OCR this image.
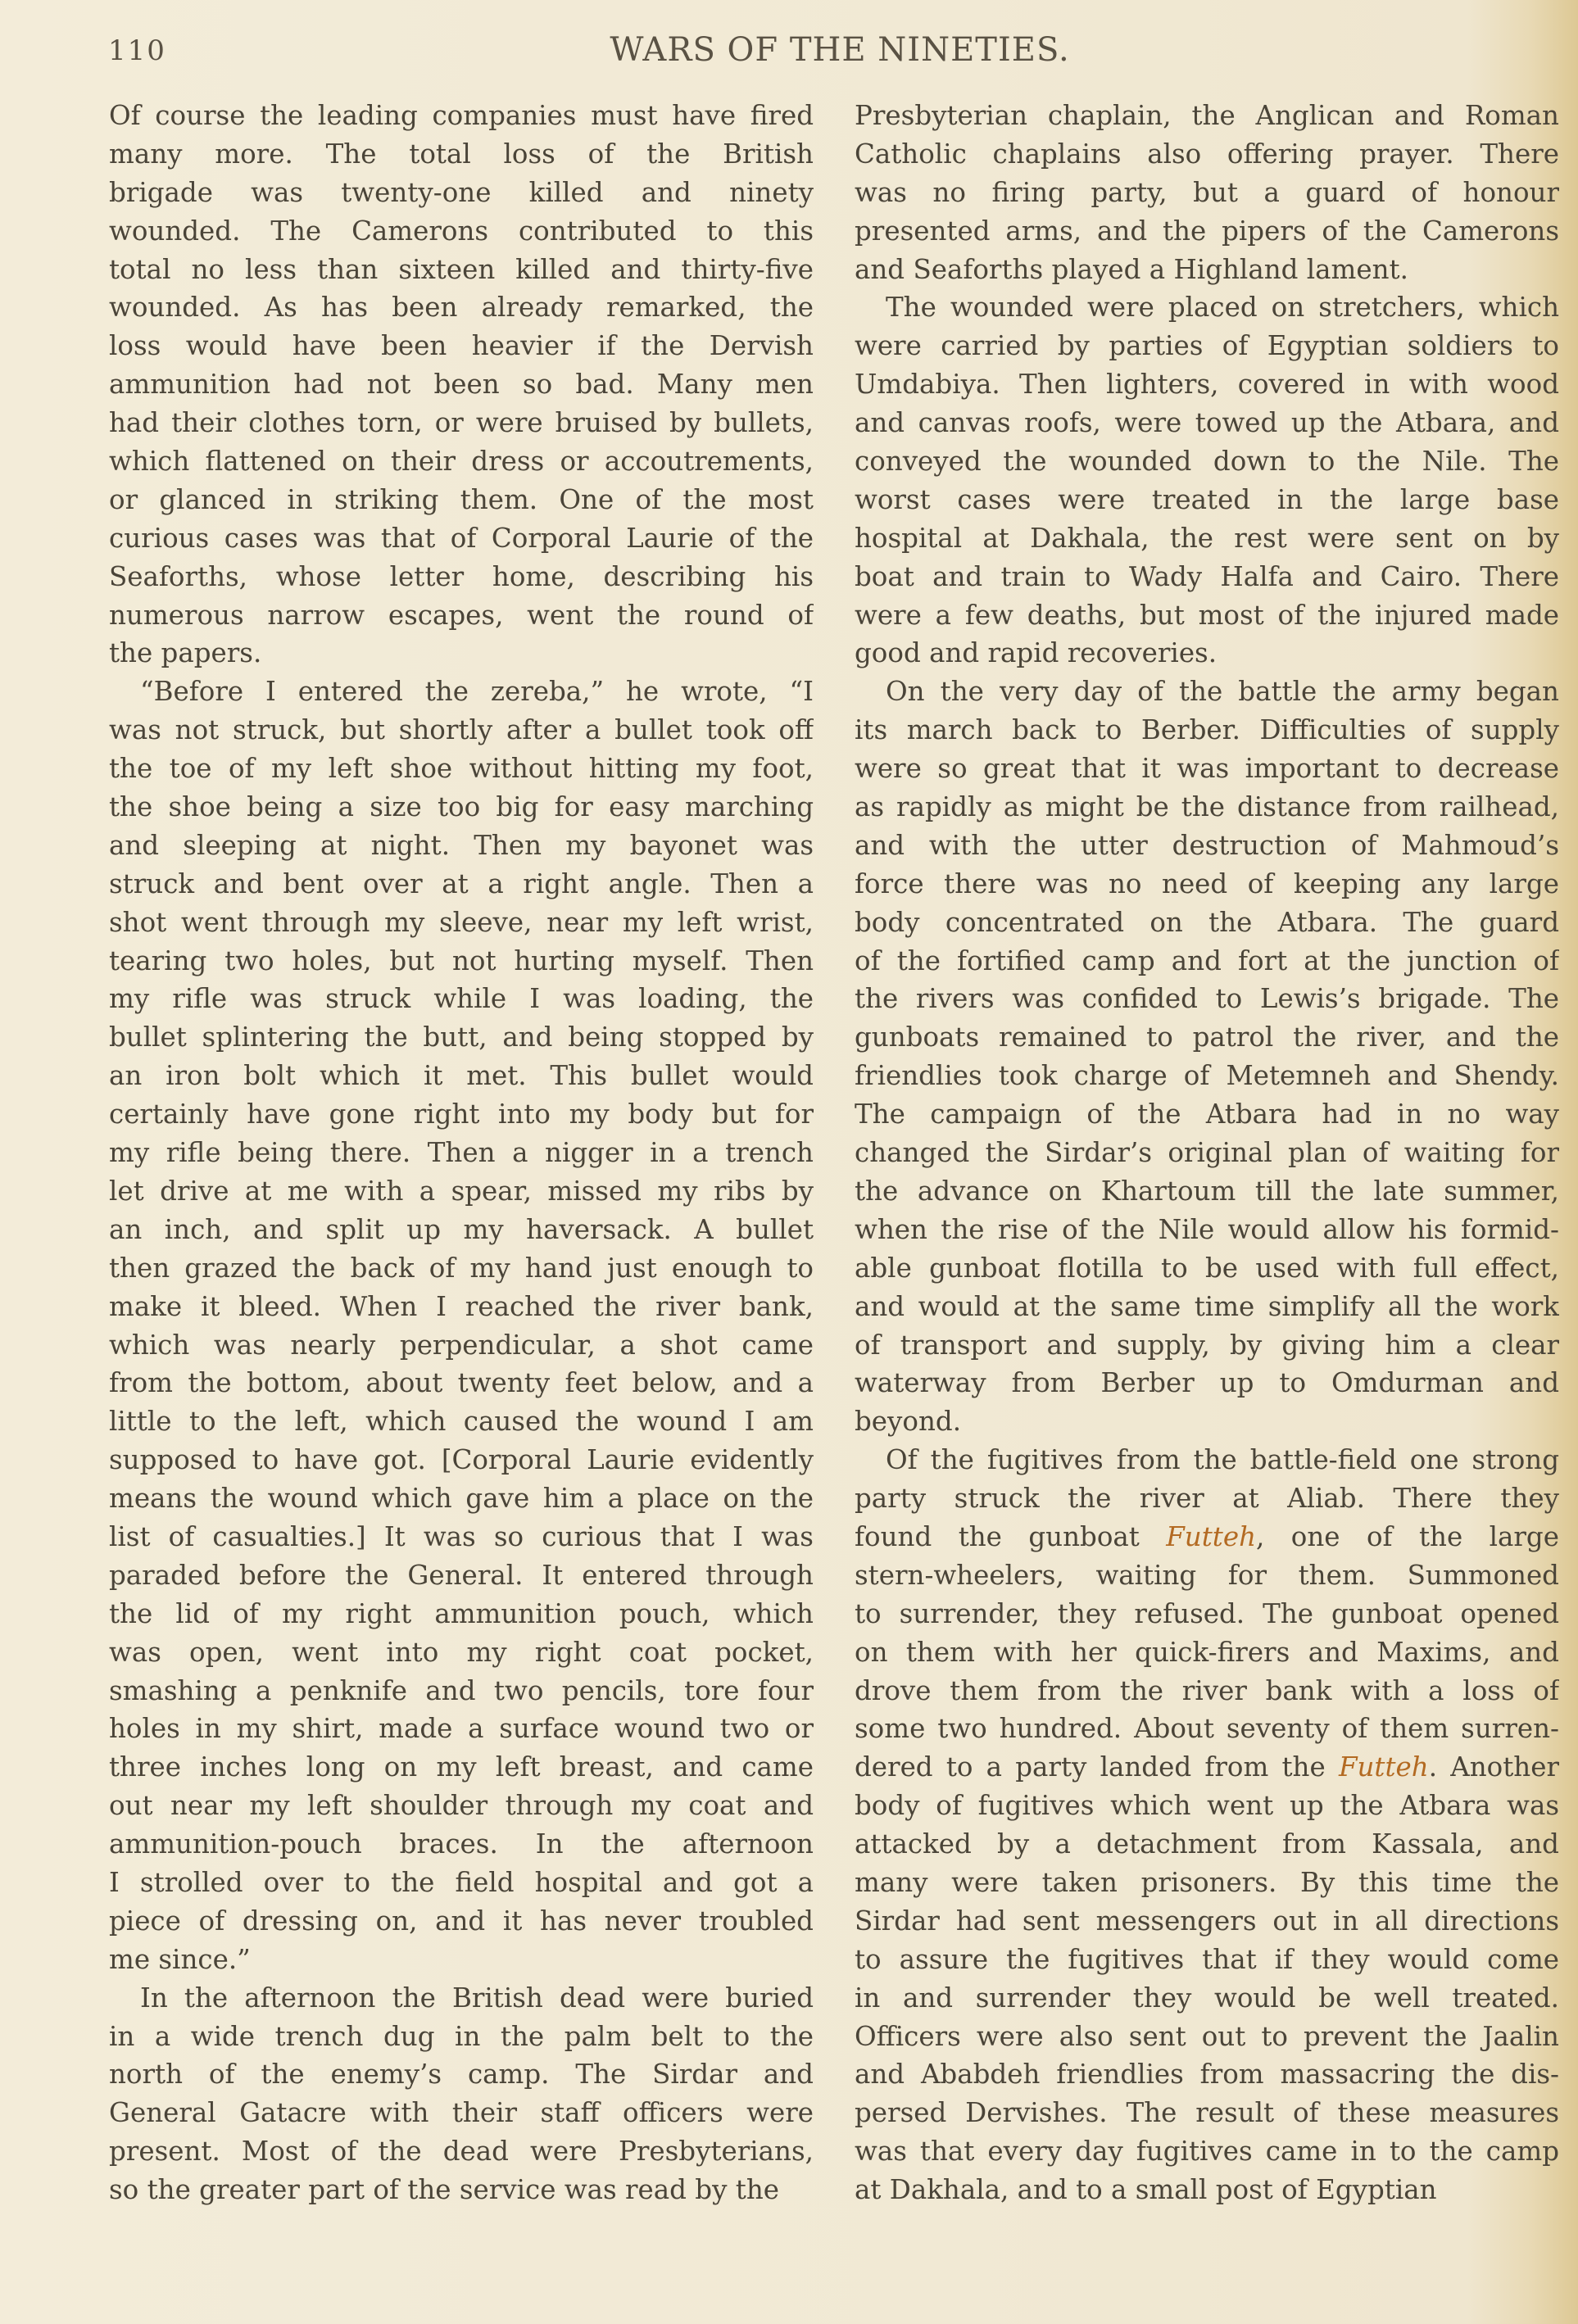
110	WARS OF THE NINETIES.

Of course the leading companies must have fired
many more. The total loss of the British
brigade was twenty-one killed and ninety
wounded. The Camerons contributed to this
total no less than sixteen killed and thirty-five
wounded. As has been already remarked, the
loss would have been heavier if the Dervish
ammunition had not been so bad. Many men
had their clothes torn, or were bruised by bullets,
which flattened on their dress or accoutrements,
or glanced in striking them. One of the most
curious cases was that of Corporal Laurie of the
Seaforths, whose letter home, describing his
numerous narrow escapes, went the round of
the papers.

“Before I entered the zereba,” he wrote, “I
was not struck, but shortly after a bullet took off
the toe of my left shoe without hitting my foot,
the shoe being a size too big for easy marching
and sleeping at night. Then my bayonet was
struck and bent over at a right angle. Then a
shot went through my sleeve, near my left wrist,
tearing two holes, but not hurting myself. Then
my rifle was struck while I was loading, the
bullet splintering the butt, and being stopped by
an iron bolt which it met. This bullet would
certainly have gone right into my body but for
my rifle being there. Then a nigger in a trench
let drive at me with a spear, missed my ribs by
an inch, and split up my haversack. A bullet
then grazed the back of my hand just enough to
make it bleed. When I reached the river bank,
which was nearly perpendicular, a shot came
from the bottom, about twenty feet below, and a
little to the left, which caused the wound I am
supposed to have got. [Corporal Laurie evidently
means the wound which gave him a place on the
list of casualties.] It was so curious that I was
paraded before the General. It entered through
the lid of my right ammunition pouch, which
was open, went into my right coat pocket,
smashing a penknife and two pencils, tore four
holes in my shirt, made a surface wound two or
three inches long on my left breast, and came
out near my left shoulder through my coat and
ammunition-pouch braces. In the afternoon
I strolled over to the field hospital and got a
piece of dressing on, and it has never troubled
me since.”

In the afternoon the British dead were buried
in a wide trench dug in the palm belt to the
north of the enemy’s camp. The Sirdar and
General Gatacre with their staff officers were
present. Most of the dead were Presbyterians,
so the greater part of the service was read by the

Presbyterian chaplain, the Anglican and Roman
Catholic chaplains also offering prayer. There
was no firing party, but a guard of honour
presented arms, and the pipers of the Camerons
and Seaforths played a Highland lament.

The wounded were placed on stretchers, which
were carried by parties of Egyptian soldiers to
Umdabiya. Then lighters, covered in with wood
and canvas roofs, were towed up the Atbara, and
conveyed the wounded down to the Nile. The
worst cases were treated in the large base
hospital at Dakhala, the rest were sent on by
boat and train to Wady Halfa and Cairo. There
were a few deaths, but most of the injured made
good and rapid recoveries.

On the very day of the battle the army began
its march back to Berber. Difficulties of supply
were so great that it was important to decrease
as rapidly as might be the distance from railhead,
and with the utter destruction of Mahmoud’s
force there was no need of keeping any large
body concentrated on the Atbara. The guard
of the fortified camp and fort at the junction of
the rivers was confided to Lewis’s brigade. The
gunboats remained to patrol the river, and the
friendlies took charge of Metemneh and Shendy.
The campaign of the Atbara had in no way
changed the Sirdar’s original plan of waiting for
the advance on Khartoum till the late summer,
when the rise of the Nile would allow his formid-
able gunboat flotilla to be used with full effect,
and would at the same time simplify all the work
of transport and supply, by giving him a clear
waterway from Berber up to Omdurman and
beyond.

Of the fugitives from the battle-field one strong
party struck the river at Aliab. There they
found the gunboat Futteh, one of the large
stern-wheelers, waiting for them. Summoned
to surrender, they refused. The gunboat opened
on them with her quick-firers and Maxims, and
drove them from the river bank with a loss of
some two hundred. About seventy of them surren-
dered to a party landed from the Futteh. Another
body of fugitives which went up the Atbara was
attacked by a detachment from Kassala, and
many were taken prisoners. By this time the
Sirdar had sent messengers out in all directions
to assure the fugitives that if they would come
in and surrender they would be well treated.
Officers were also sent out to prevent the Jaalin
and Ababdeh friendlies from massacring the dis-
persed Dervishes. The result of these measures
was that every day fugitives came in to the camp
at Dakhala, and to a small post of Egyptian
